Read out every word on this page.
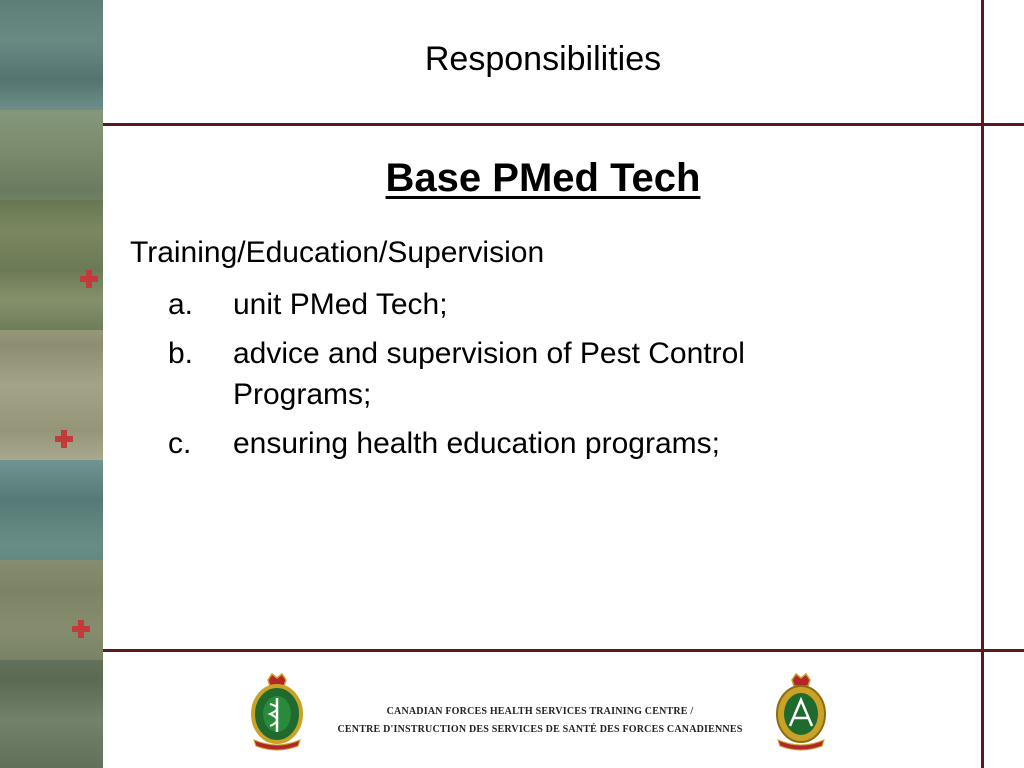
Responsibilities
Base PMed Tech
Training/Education/Supervision
a.	unit PMed Tech;
b.	advice and supervision of Pest Control Programs;
c.	ensuring health education programs;
CANADIAN FORCES HEALTH SERVICES TRAINING CENTRE /
CENTRE D'INSTRUCTION DES SERVICES DE SANTÉ DES FORCES CANADIENNES
